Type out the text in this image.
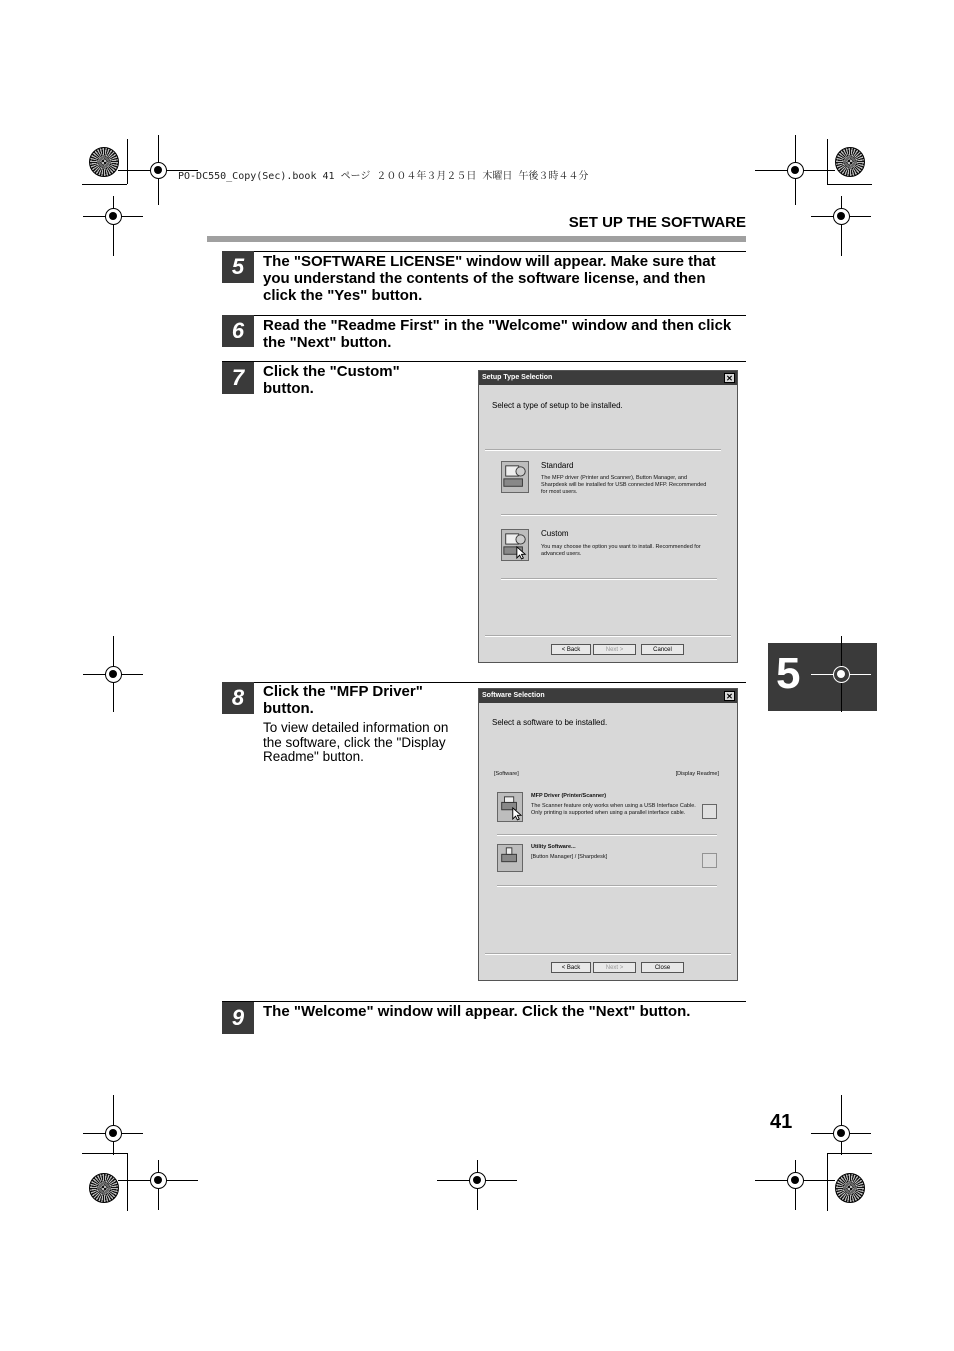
PO-DC550_Copy(Sec).book 41 ページ ２００４年３月２５日 木曜日 午後３時４４分
SET UP THE SOFTWARE
5	The "SOFTWARE LICENSE" window will appear. Make sure that you understand the contents of the software license, and then click the "Yes" button.
6	Read the "Readme First" in the "Welcome" window and then click the "Next" button.
7	Click the "Custom" button.
Setup Type Selection	✕
Select a type of setup to be installed.
Standard
The MFP driver (Printer and Scanner), Button Manager, and Sharpdesk will be installed for USB connected MFP. Recommended for most users.
Custom
You may choose the option you want to install. Recommended for advanced users.
< Back	Next >	Cancel 5
8	Click the "MFP Driver" button.
To view detailed information on the software, click the "Display Readme" button.
Software Selection	✕
Select a software to be installed.
[Software]	[Display Readme]
MFP Driver (Printer/Scanner)
The Scanner feature only works when using a USB Interface Cable. Only printing is supported when using a parallel interface cable.
Utility Software...
[Button Manager] / [Sharpdesk]
< Back	Next >	Close
9	The "Welcome" window will appear. Click the "Next" button.
41
